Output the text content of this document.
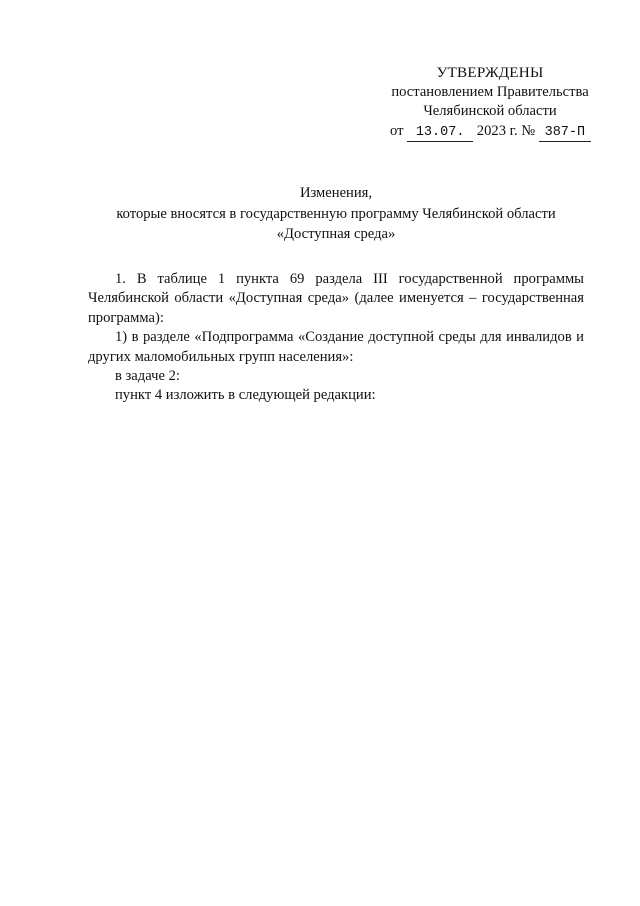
УТВЕРЖДЕНЫ
постановлением Правительства
Челябинской области
от 13.07. 2023 г. № 387-П
Изменения,
которые вносятся в государственную программу Челябинской области
«Доступная среда»

1. В таблице 1 пункта 69 раздела III государственной программы Челябинской области «Доступная среда» (далее именуется – государственная программа):

1) в разделе «Подпрограмма «Создание доступной среды для инвалидов и других маломобильных групп населения»:

в задаче 2:

пункт 4 изложить в следующей редакции:
